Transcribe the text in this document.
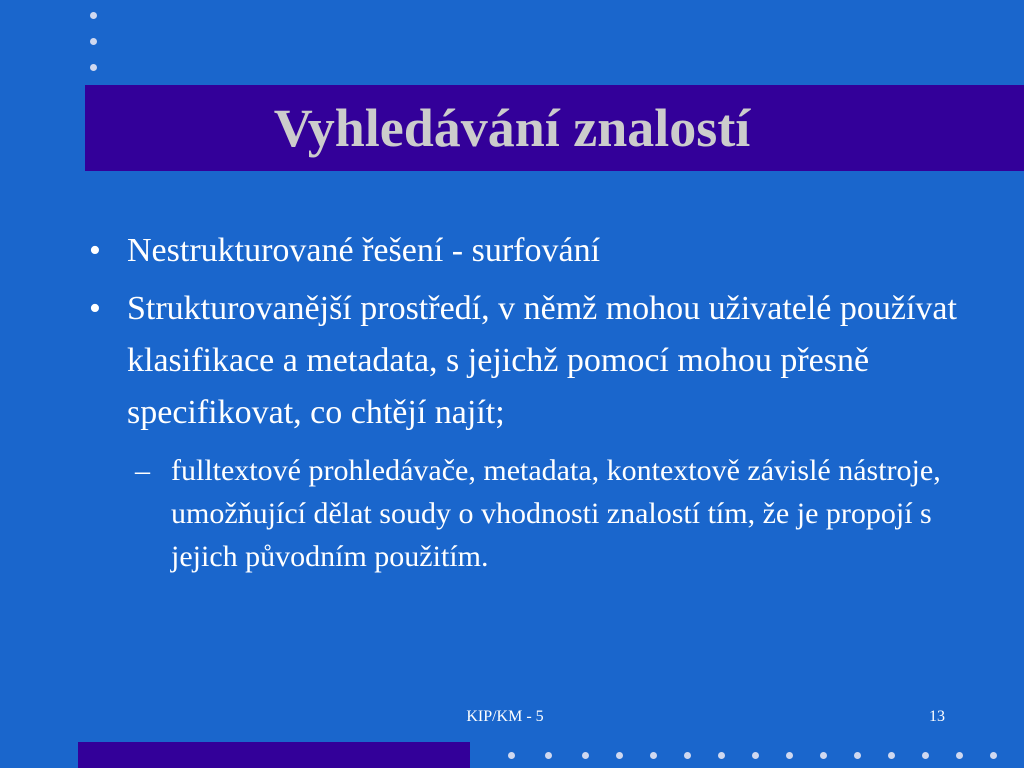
Vyhledávání znalostí
• Nestrukturované řešení - surfování
• Strukturovanější prostředí, v němž mohou uživatelé používat klasifikace a metadata, s jejichž pomocí mohou přesně specifikovat, co chtějí najít;
– fulltextové prohledávače, metadata, kontextově závislé nástroje, umožňující dělat soudy o vhodnosti znalostí tím, že je propojí s jejich původním použitím.
KIP/KM - 5	13
